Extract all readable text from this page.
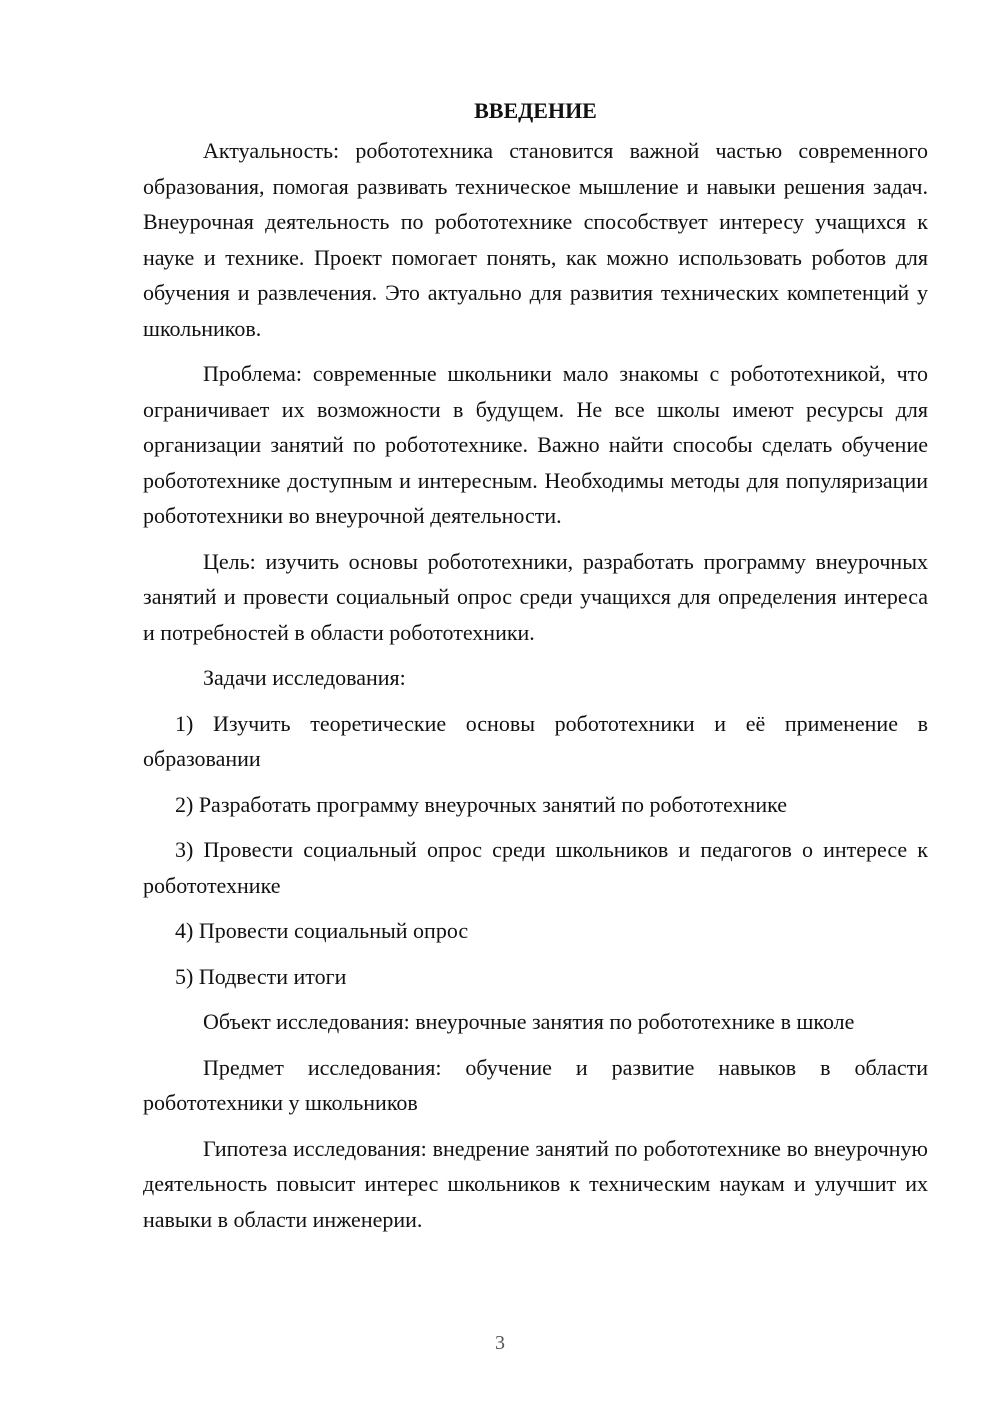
ВВЕДЕНИЕ

Актуальность: робототехника становится важной частью современного образования, помогая развивать техническое мышление и навыки решения задач. Внеурочная деятельность по робототехнике способствует интересу учащихся к науке и технике. Проект помогает понять, как можно использовать роботов для обучения и развлечения. Это актуально для развития технических компетенций у школьников.

Проблема: современные школьники мало знакомы с робототехникой, что ограничивает их возможности в будущем. Не все школы имеют ресурсы для организации занятий по робототехнике. Важно найти способы сделать обучение робототехнике доступным и интересным. Необходимы методы для популяризации робототехники во внеурочной деятельности.

Цель: изучить основы робототехники, разработать программу внеурочных занятий и провести социальный опрос среди учащихся для определения интереса и потребностей в области робототехники.

Задачи исследования:

1) Изучить теоретические основы робототехники и её применение в образовании

2) Разработать программу внеурочных занятий по робототехнике

3) Провести социальный опрос среди школьников и педагогов о интересе к робототехнике

4) Провести социальный опрос

5) Подвести итоги

Объект исследования: внеурочные занятия по робототехнике в школе

Предмет исследования: обучение и развитие навыков в области робототехники у школьников

Гипотеза исследования: внедрение занятий по робототехнике во внеурочную деятельность повысит интерес школьников к техническим наукам и улучшит их навыки в области инженерии.

3
